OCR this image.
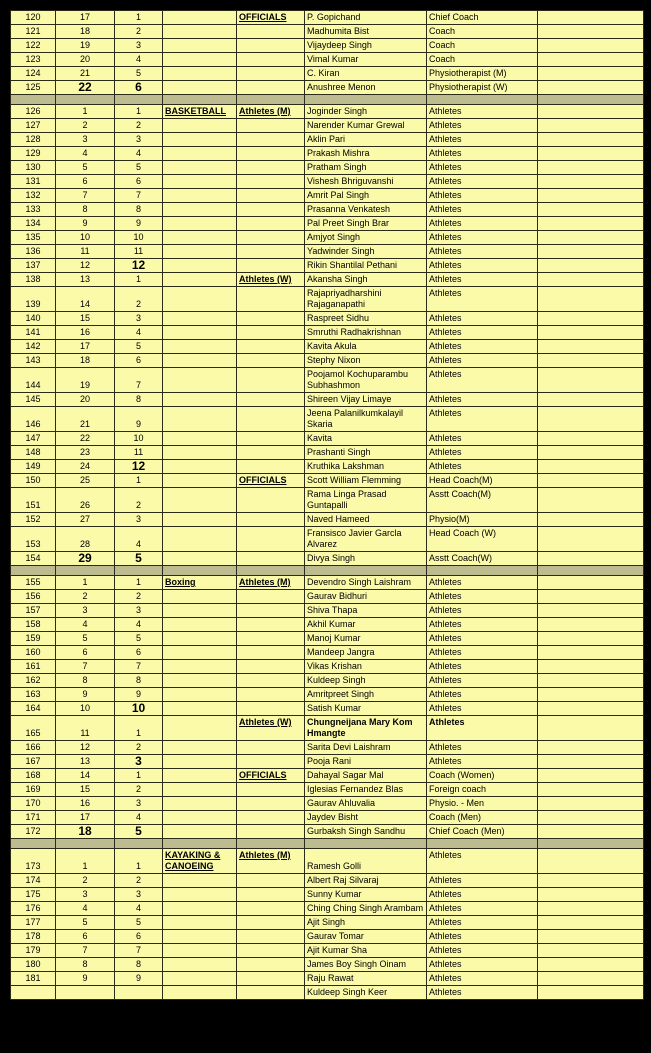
120	17	1		OFFICIALS	P. Gopichand	Chief Coach	
121	18	2			Madhumita Bist	Coach	
122	19	3			Vijaydeep Singh	Coach	
123	20	4			Vimal Kumar	Coach	
124	21	5			C. Kiran	Physiotherapist (M)	
125	22	6			Anushree Menon	Physiotherapist (W)	

126	1	1	BASKETBALL	Athletes (M)	Joginder Singh	Athletes	
127	2	2			Narender Kumar Grewal	Athletes	
128	3	3			Aklin Pari	Athletes	
129	4	4			Prakash Mishra	Athletes	
130	5	5			Pratham Singh	Athletes	
131	6	6			Vishesh Bhriguvanshi	Athletes	
132	7	7			Amrit Pal Singh	Athletes	
133	8	8			Prasanna Venkatesh	Athletes	
134	9	9			Pal Preet Singh Brar	Athletes	
135	10	10			Amjyot Singh	Athletes	
136	11	11			Yadwinder Singh	Athletes	
137	12	12			Rikin Shantilal Pethani	Athletes	
138	13	1		Athletes (W)	Akansha Singh	Athletes	
139	14	2			Rajapriyadharshini Rajaganapathi	Athletes	
140	15	3			Raspreet Sidhu	Athletes	
141	16	4			Smruthi Radhakrishnan	Athletes	
142	17	5			Kavita Akula	Athletes	
143	18	6			Stephy Nixon	Athletes	
144	19	7			Poojamol Kochuparambu Subhashmon	Athletes	
145	20	8			Shireen Vijay Limaye	Athletes	
146	21	9			Jeena Palanilkumkalayil Skaria	Athletes	
147	22	10			Kavita	Athletes	
148	23	11			Prashanti Singh	Athletes	
149	24	12			Kruthika Lakshman	Athletes	
150	25	1		OFFICIALS	Scott William Flemming	Head Coach(M)	
151	26	2			Rama Linga Prasad Guntapalli	Asstt Coach(M)	
152	27	3			Naved Hameed	Physio(M)	
153	28	4			Fransisco Javier Garcla Alvarez	Head Coach (W)	
154	29	5			Divya Singh	Asstt Coach(W)	

155	1	1	Boxing	Athletes (M)	Devendro Singh Laishram	Athletes	
156	2	2			Gaurav Bidhuri	Athletes	
157	3	3			Shiva Thapa	Athletes	
158	4	4			Akhil Kumar	Athletes	
159	5	5			Manoj Kumar	Athletes	
160	6	6			Mandeep Jangra	Athletes	
161	7	7			Vikas Krishan	Athletes	
162	8	8			Kuldeep Singh	Athletes	
163	9	9			Amritpreet Singh	Athletes	
164	10	10			Satish Kumar	Athletes	
165	11	1		Athletes (W)	Chungneijana Mary Kom Hmangte	Athletes	
166	12	2			Sarita Devi Laishram	Athletes	
167	13	3			Pooja Rani	Athletes	
168	14	1		OFFICIALS	Dahayal Sagar Mal	Coach (Women)	
169	15	2			Iglesias Fernandez Blas	Foreign coach	
170	16	3			Gaurav Ahluvalia	Physio. - Men	
171	17	4			Jaydev Bisht	Coach (Men)	
172	18	5			Gurbaksh Singh Sandhu	Chief Coach (Men)	

173	1	1	KAYAKING & CANOEING	Athletes (M)	Ramesh Golli	Athletes	
174	2	2			Albert Raj Silvaraj	Athletes	
175	3	3			Sunny Kumar	Athletes	
176	4	4			Ching Ching Singh Arambam	Athletes	
177	5	5			Ajit Singh	Athletes	
178	6	6			Gaurav Tomar	Athletes	
179	7	7			Ajit Kumar Sha	Athletes	
180	8	8			James Boy Singh Oinam	Athletes	
181	9	9			Raju Rawat	Athletes	
					Kuldeep Singh Keer	Athletes	
